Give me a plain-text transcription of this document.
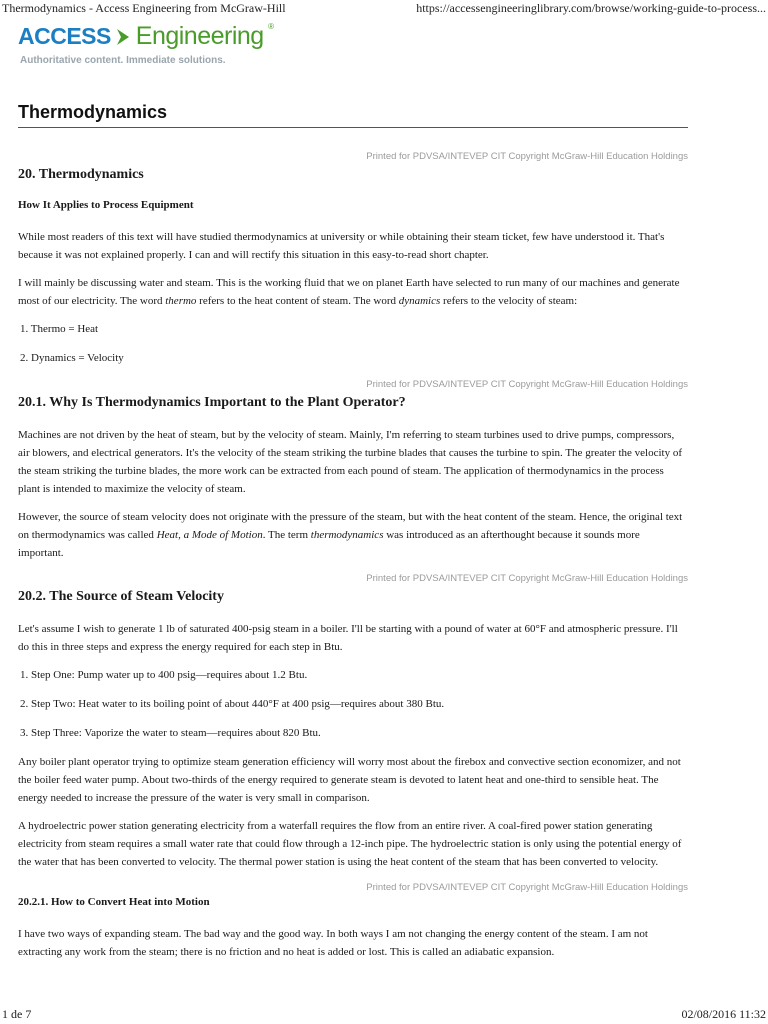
Thermodynamics - Access Engineering from McGraw-Hill	https://accessengineeringlibrary.com/browse/working-guide-to-process...
ACCESS Engineering ®
Authoritative content. Immediate solutions.
Thermodynamics
Printed for PDVSA/INTEVEP CIT Copyright McGraw-Hill Education Holdings
20. Thermodynamics
How It Applies to Process Equipment

While most readers of this text will have studied thermodynamics at university or while obtaining their steam ticket, few have understood it. That's because it was not explained properly. I can and will rectify this situation in this easy-to-read short chapter.

I will mainly be discussing water and steam. This is the working fluid that we on planet Earth have selected to run many of our machines and generate most of our electricity. The word thermo refers to the heat content of steam. The word dynamics refers to the velocity of steam:

1. Thermo = Heat

2. Dynamics = Velocity

Printed for PDVSA/INTEVEP CIT Copyright McGraw-Hill Education Holdings
20.1. Why Is Thermodynamics Important to the Plant Operator?

Machines are not driven by the heat of steam, but by the velocity of steam. Mainly, I'm referring to steam turbines used to drive pumps, compressors, air blowers, and electrical generators. It's the velocity of the steam striking the turbine blades that causes the turbine to spin. The greater the velocity of the steam striking the turbine blades, the more work can be extracted from each pound of steam. The application of thermodynamics in the process plant is intended to maximize the velocity of steam.

However, the source of steam velocity does not originate with the pressure of the steam, but with the heat content of the steam. Hence, the original text on thermodynamics was called Heat, a Mode of Motion. The term thermodynamics was introduced as an afterthought because it sounds more important.

Printed for PDVSA/INTEVEP CIT Copyright McGraw-Hill Education Holdings
20.2. The Source of Steam Velocity

Let's assume I wish to generate 1 lb of saturated 400-psig steam in a boiler. I'll be starting with a pound of water at 60°F and atmospheric pressure. I'll do this in three steps and express the energy required for each step in Btu.

1. Step One: Pump water up to 400 psig—requires about 1.2 Btu.

2. Step Two: Heat water to its boiling point of about 440°F at 400 psig—requires about 380 Btu.

3. Step Three: Vaporize the water to steam—requires about 820 Btu.

Any boiler plant operator trying to optimize steam generation efficiency will worry most about the firebox and convective section economizer, and not the boiler feed water pump. About two-thirds of the energy required to generate steam is devoted to latent heat and one-third to sensible heat. The energy needed to increase the pressure of the water is very small in comparison.

A hydroelectric power station generating electricity from a waterfall requires the flow from an entire river. A coal-fired power station generating electricity from steam requires a small water rate that could flow through a 12-inch pipe. The hydroelectric station is only using the potential energy of the water that has been converted to velocity. The thermal power station is using the heat content of the steam that has been converted to velocity.

Printed for PDVSA/INTEVEP CIT Copyright McGraw-Hill Education Holdings
20.2.1. How to Convert Heat into Motion

I have two ways of expanding steam. The bad way and the good way. In both ways I am not changing the energy content of the steam. I am not extracting any work from the steam; there is no friction and no heat is added or lost. This is called an adiabatic expansion.

1 de 7	02/08/2016 11:32
